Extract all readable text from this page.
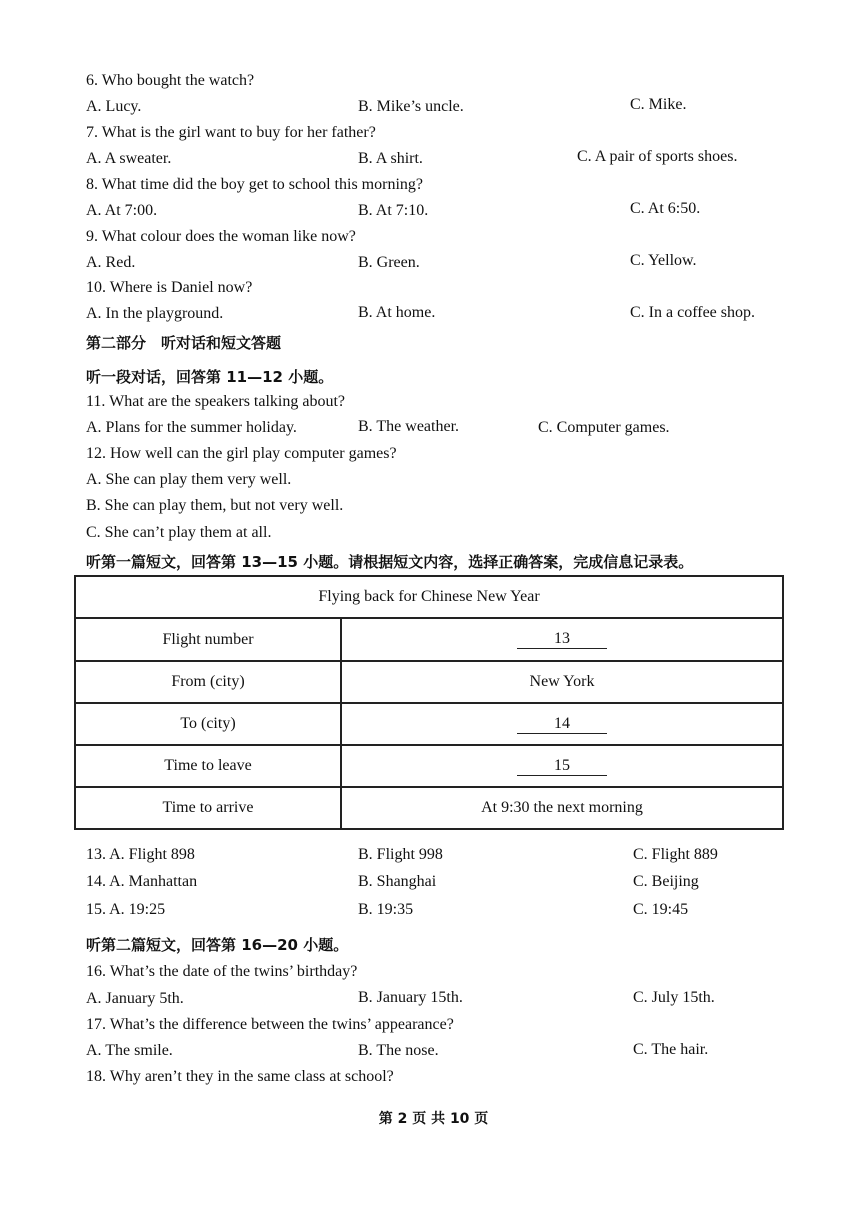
6. Who bought the watch?
A. Lucy.	B. Mike’s uncle.	C. Mike.
7. What is the girl want to buy for her father?
A. A sweater.	B. A shirt.	C. A pair of sports shoes.
8. What time did the boy get to school this morning?
A. At 7:00.	B. At 7:10.	C. At 6:50.
9. What colour does the woman like now?
A. Red.	B. Green.	C. Yellow.
10. Where is Daniel now?
A. In the playground.	B. At home.	C. In a coffee shop.
第二部分　听对话和短文答题
听一段对话，回答第 11—12 小题。
11. What are the speakers talking about?
A. Plans for the summer holiday.	B. The weather.	C. Computer games.
12. How well can the girl play computer games?
A. She can play them very well.
B. She can play them, but not very well.
C. She can’t play them at all.
听第一篇短文，回答第 13—15 小题。请根据短文内容，选择正确答案，完成信息记录表。
Flying back for Chinese New Year	
Flight number	13
From (city)	New York
To (city)	14
Time to leave	15
Time to arrive	At 9:30 the next morning
13. A. Flight 898	B. Flight 998	C. Flight 889
14. A. Manhattan	B. Shanghai	C. Beijing
15. A. 19:25	B. 19:35	C. 19:45
听第二篇短文，回答第 16—20 小题。
16. What’s the date of the twins’ birthday?
A. January 5th.	B. January 15th.	C. July 15th.
17. What’s the difference between the twins’ appearance?
A. The smile.	B. The nose.	C. The hair.
18. Why aren’t they in the same class at school?
第 2 页 共 10 页
